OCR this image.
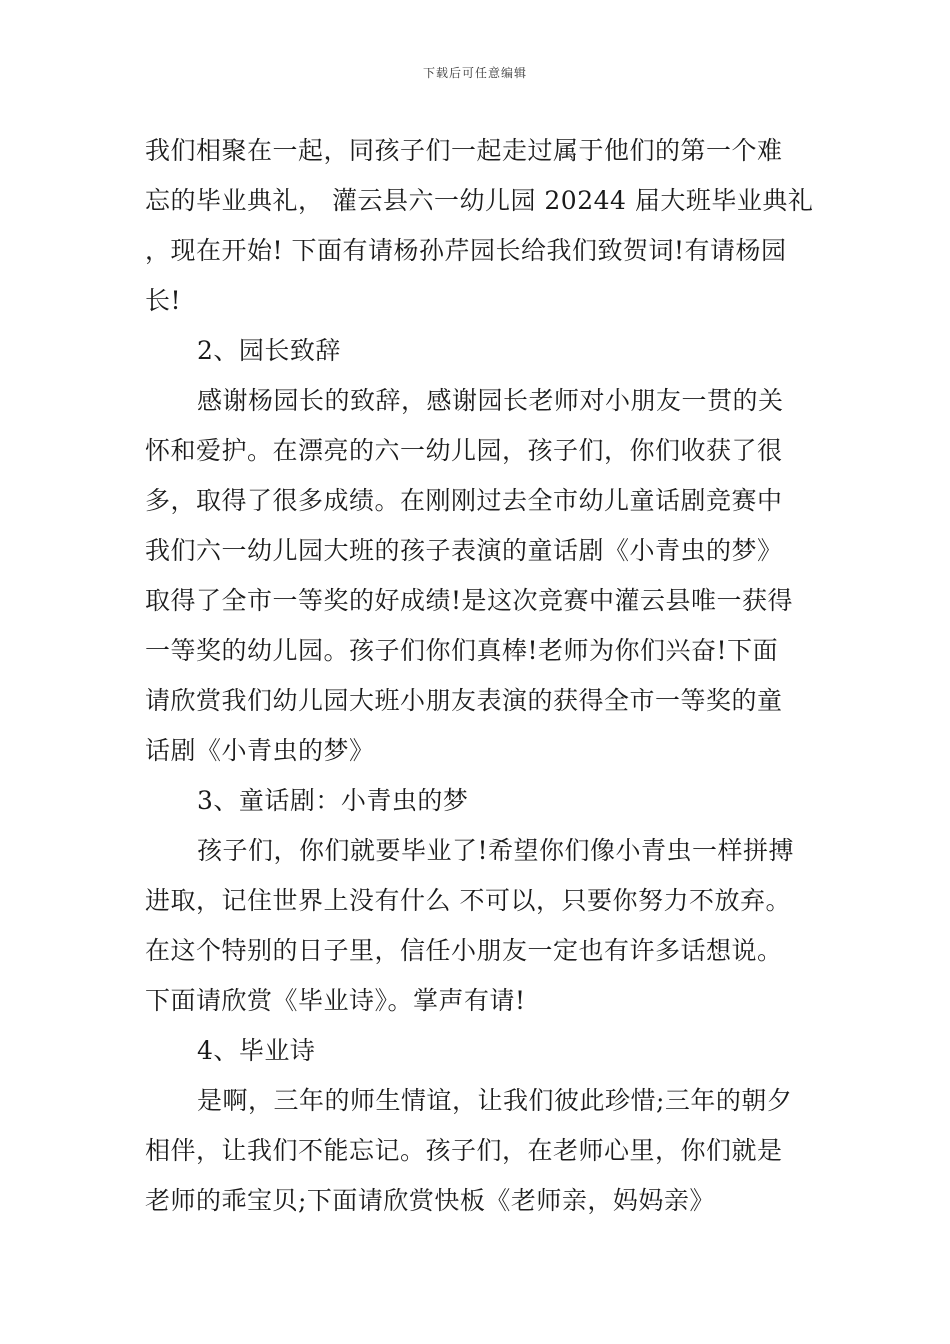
下载后可任意编辑
我们相聚在一起，同孩子们一起走过属于他们的第一个难
忘的毕业典礼， 灌云县六一幼儿园 20244 届大班毕业典礼
，现在开始! 下面有请杨孙芹园长给我们致贺词!有请杨园
长!
2、园长致辞
感谢杨园长的致辞，感谢园长老师对小朋友一贯的关
怀和爱护。在漂亮的六一幼儿园，孩子们，你们收获了很
多，取得了很多成绩。在刚刚过去全市幼儿童话剧竞赛中
我们六一幼儿园大班的孩子表演的童话剧《小青虫的梦》
取得了全市一等奖的好成绩!是这次竞赛中灌云县唯一获得
一等奖的幼儿园。孩子们你们真棒!老师为你们兴奋!下面
请欣赏我们幼儿园大班小朋友表演的获得全市一等奖的童
话剧《小青虫的梦》
3、童话剧：小青虫的梦
孩子们，你们就要毕业了!希望你们像小青虫一样拼搏
进取，记住世界上没有什么 不可以，只要你努力不放弃。
在这个特别的日子里，信任小朋友一定也有许多话想说。
下面请欣赏《毕业诗》。掌声有请!
4、毕业诗
是啊，三年的师生情谊，让我们彼此珍惜;三年的朝夕
相伴，让我们不能忘记。孩子们，在老师心里，你们就是
老师的乖宝贝;下面请欣赏快板《老师亲，妈妈亲》
